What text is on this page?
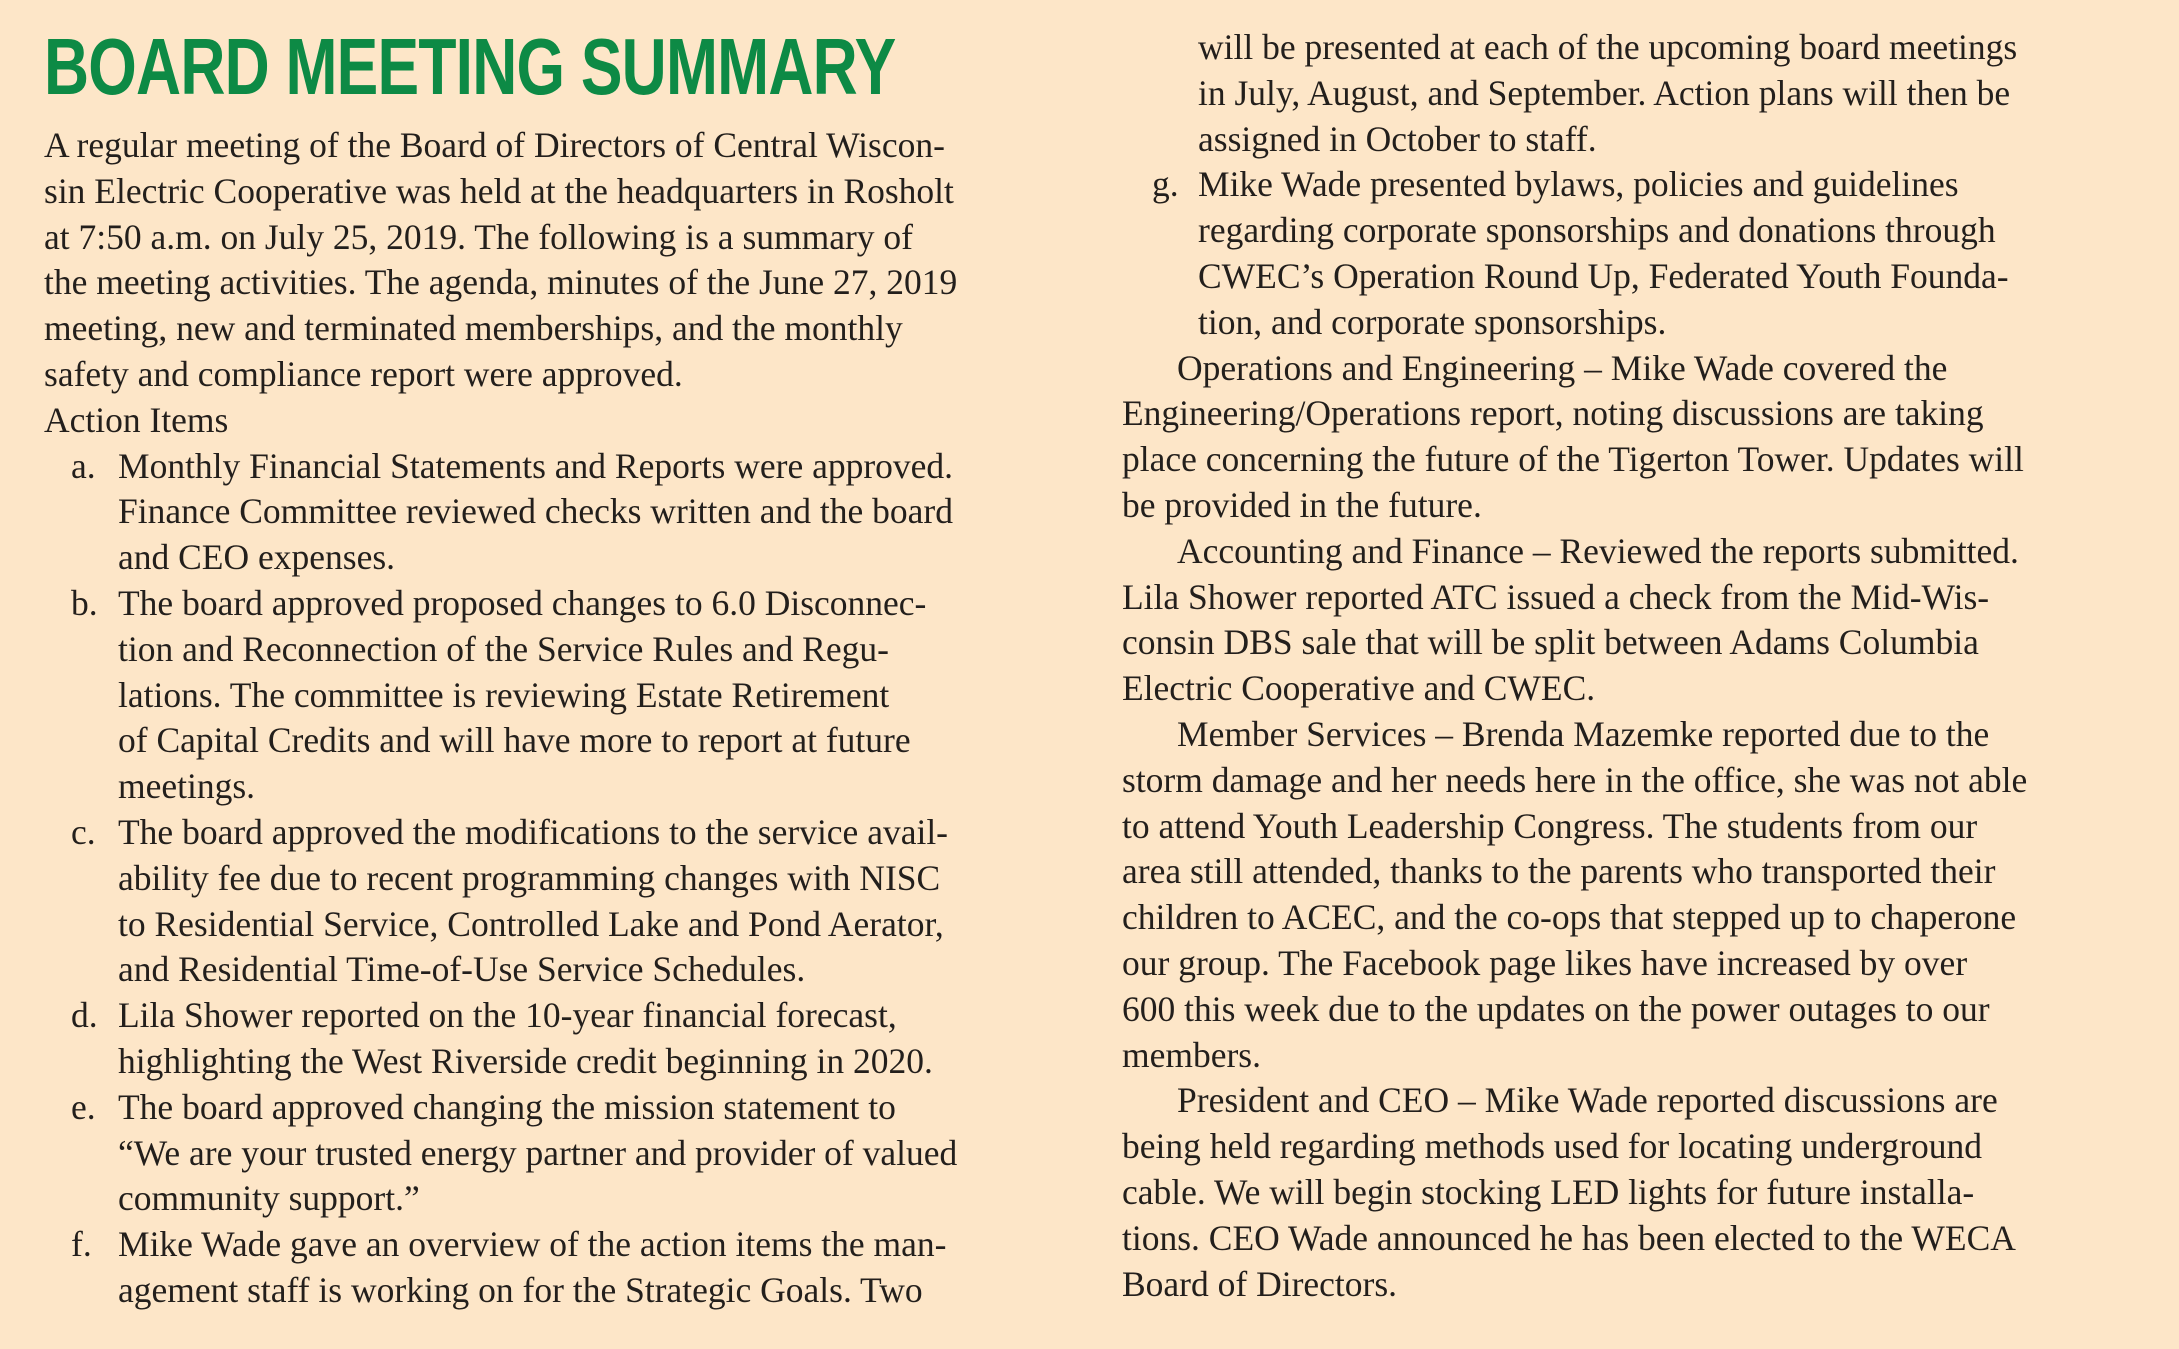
BOARD MEETING SUMMARY
A regular meeting of the Board of Directors of Central Wiscon-
sin Electric Cooperative was held at the headquarters in Rosholt
at 7:50 a.m. on July 25, 2019. The following is a summary of
the meeting activities. The agenda, minutes of the June 27, 2019
meeting, new and terminated memberships, and the monthly
safety and compliance report were approved.
Action Items
a. Monthly Financial Statements and Reports were approved.
Finance Committee reviewed checks written and the board
and CEO expenses.
b. The board approved proposed changes to 6.0 Disconnec-
tion and Reconnection of the Service Rules and Regu-
lations. The committee is reviewing Estate Retirement
of Capital Credits and will have more to report at future
meetings.
c. The board approved the modifications to the service avail-
ability fee due to recent programming changes with NISC
to Residential Service, Controlled Lake and Pond Aerator,
and Residential Time-of-Use Service Schedules.
d. Lila Shower reported on the 10-year financial forecast,
highlighting the West Riverside credit beginning in 2020.
e. The board approved changing the mission statement to
“We are your trusted energy partner and provider of valued
community support.”
f. Mike Wade gave an overview of the action items the man-
agement staff is working on for the Strategic Goals. Two
will be presented at each of the upcoming board meetings
in July, August, and September. Action plans will then be
assigned in October to staff.
g. Mike Wade presented bylaws, policies and guidelines
regarding corporate sponsorships and donations through
CWEC’s Operation Round Up, Federated Youth Founda-
tion, and corporate sponsorships.
Operations and Engineering – Mike Wade covered the
Engineering/Operations report, noting discussions are taking
place concerning the future of the Tigerton Tower. Updates will
be provided in the future.
Accounting and Finance – Reviewed the reports submitted.
Lila Shower reported ATC issued a check from the Mid-Wis-
consin DBS sale that will be split between Adams Columbia
Electric Cooperative and CWEC.
Member Services – Brenda Mazemke reported due to the
storm damage and her needs here in the office, she was not able
to attend Youth Leadership Congress. The students from our
area still attended, thanks to the parents who transported their
children to ACEC, and the co-ops that stepped up to chaperone
our group. The Facebook page likes have increased by over
600 this week due to the updates on the power outages to our
members.
President and CEO – Mike Wade reported discussions are
being held regarding methods used for locating underground
cable. We will begin stocking LED lights for future installa-
tions. CEO Wade announced he has been elected to the WECA
Board of Directors.
